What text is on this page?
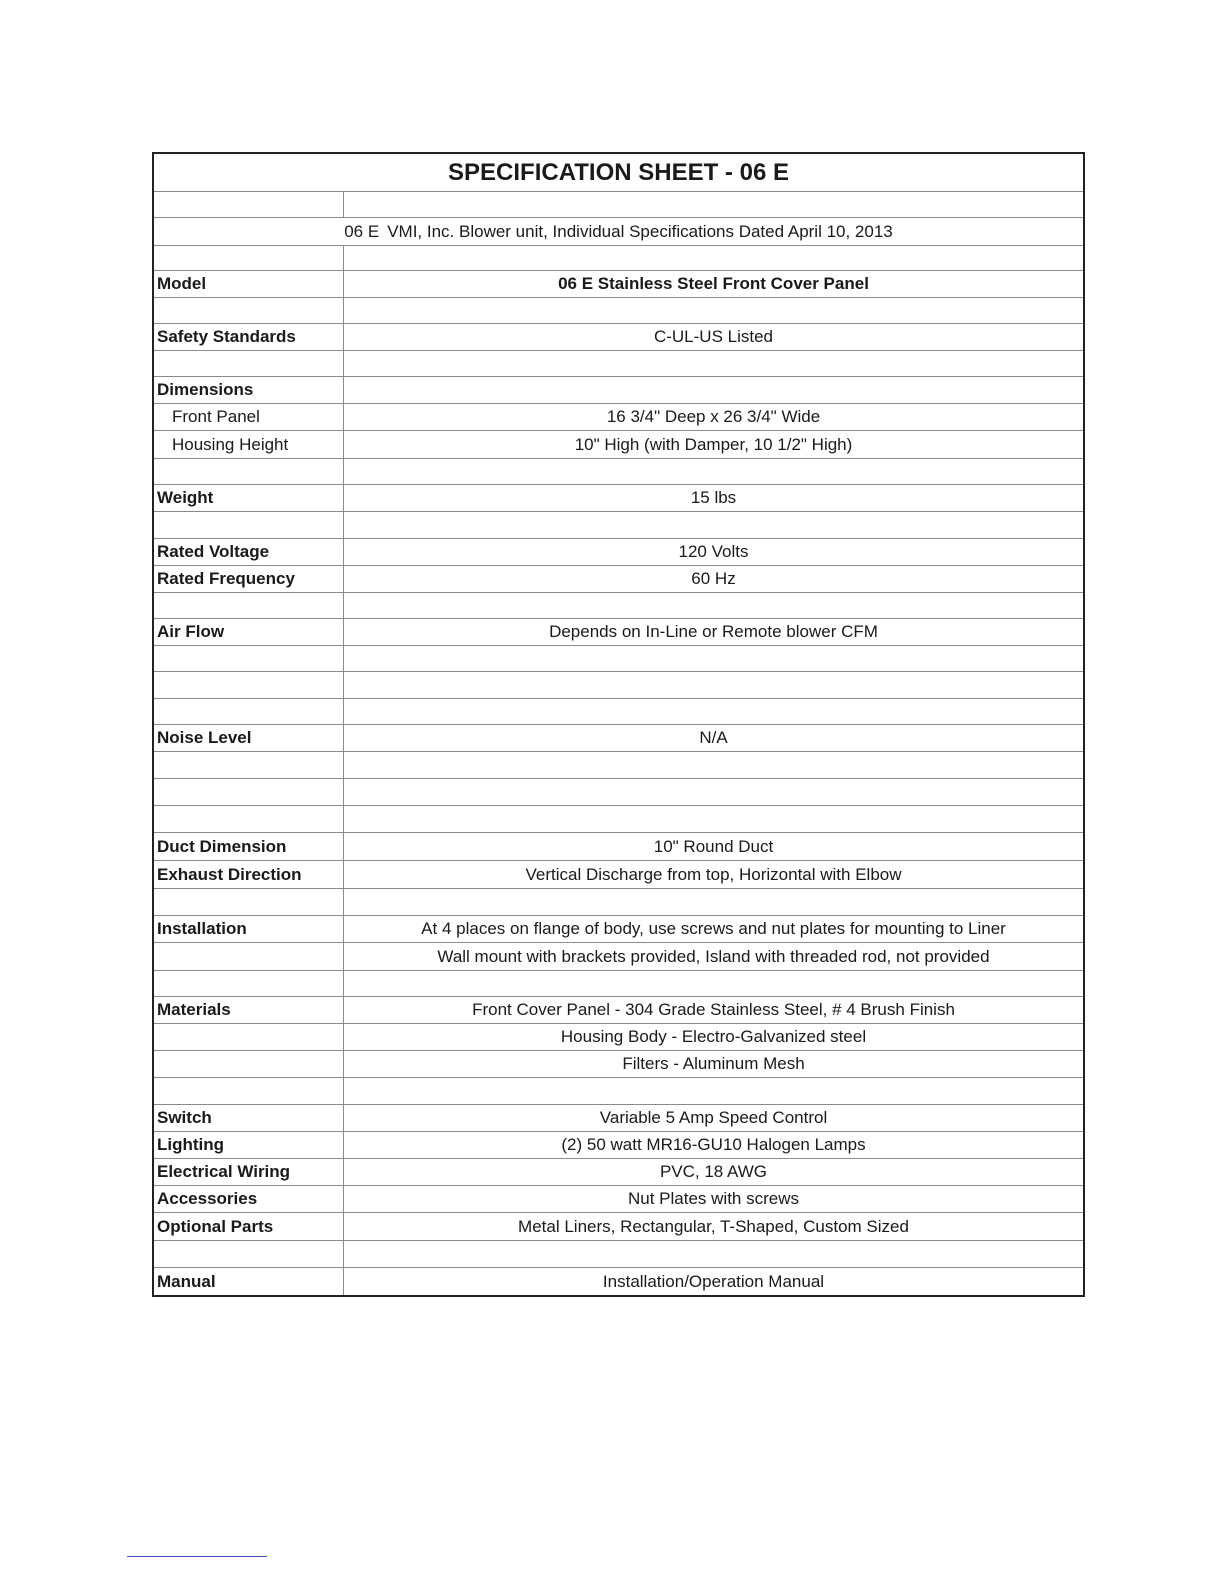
SPECIFICATION SHEET - 06 E
06 E VMI, Inc. Blower unit, Individual Specifications Dated April 10, 2013
Model	06 E Stainless Steel Front Cover Panel
Safety Standards	C-UL-US Listed
Dimensions
Front Panel	16 3/4" Deep x 26 3/4" Wide
Housing Height	10" High (with Damper, 10 1/2" High)
Weight	15 lbs
Rated Voltage	120 Volts
Rated Frequency	60 Hz
Air Flow	Depends on In-Line or Remote blower CFM
Noise Level	N/A
Duct Dimension	10" Round Duct
Exhaust Direction	Vertical Discharge from top, Horizontal with Elbow
Installation	At 4 places on flange of body, use screws and nut plates for mounting to Liner
Wall mount with brackets provided, Island with threaded rod, not provided
Materials	Front Cover Panel - 304 Grade Stainless Steel, # 4 Brush Finish
Housing Body - Electro-Galvanized steel
Filters - Aluminum Mesh
Switch	Variable 5 Amp Speed Control
Lighting	(2) 50 watt MR16-GU10 Halogen Lamps
Electrical Wiring	PVC, 18 AWG
Accessories	Nut Plates with screws
Optional Parts	Metal Liners, Rectangular, T-Shaped, Custom Sized
Manual	Installation/Operation Manual
